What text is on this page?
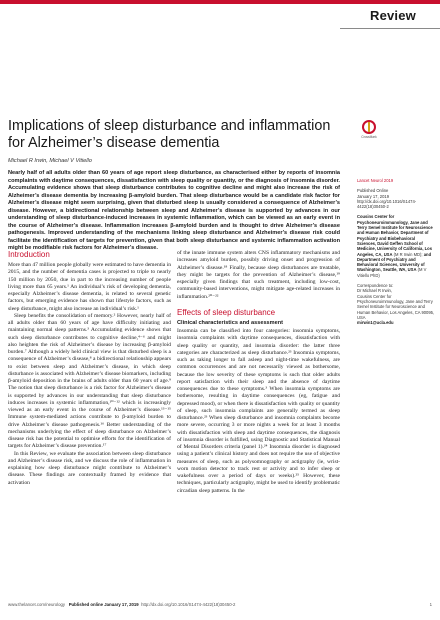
Review
Implications of sleep disturbance and inflammation for Alzheimer’s disease dementia
Michael R Irwin, Michael V Vitiello
CrossMark

Nearly half of all adults older than 60 years of age report sleep disturbance, as characterised either by reports of insomnia complaints with daytime consequences, dissatisfaction with sleep quality or quantity, or the diagnosis of insomnia disorder. Accumulating evidence shows that sleep disturbance contributes to cognitive decline and might also increase the risk of Alzheimer’s disease dementia by increasing β-amyloid burden. That sleep disturbance would be a candidate risk factor for Alzheimer’s disease might seem surprising, given that disturbed sleep is usually considered a consequence of Alzheimer’s disease. However, a bidirectional relationship between sleep and Alzheimer’s disease is supported by advances in our understanding of sleep disturbance-induced increases in systemic inflammation, which can be viewed as an early event in the course of Alzheimer’s disease. Inflammation increases β-amyloid burden and is thought to drive Alzheimer’s disease pathogenesis. Improved understanding of the mechanisms linking sleep disturbance and Alzheimer’s disease risk could facilitate the identification of targets for prevention, given that both sleep disturbance and systemic inflammation activation might be modifiable risk factors for Alzheimer’s disease.

Introduction

More than 47 million people globally were estimated to have dementia in 2015, and the number of dementia cases is projected to triple to nearly 150 million by 2050, due in part to the increasing number of people living more than 65 years.¹ An individual’s risk of developing dementia, especially Alzheimer’s disease dementia, is related to several genetic factors, but emerging evidence has shown that lifestyle factors, such as sleep disturbance, might also increase an individual’s risk.¹

Sleep benefits the consolidation of memory.² However, nearly half of all adults older than 60 years of age have difficulty initiating and maintaining normal sleep patterns.³ Accumulating evidence shows that such sleep disturbance contributes to cognitive decline,⁴⁻⁶ and might also heighten the risk of Alzheimer’s disease by increasing β-amyloid burden.⁷ Although a widely held clinical view is that disturbed sleep is a consequence of Alzheimer’s disease,⁸ a bidirectional relationship appears to exist between sleep and Alzheimer’s disease, in which sleep disturbance is associated with Alzheimer’s disease biomarkers, including β-amyloid deposition in the brains of adults older than 60 years of age.⁹ The notion that sleep disturbance is a risk factor for Alzheimer’s disease is supported by advances in our understanding that sleep disturbance induces increases in systemic inflammation,¹⁰⁻¹² which is increasingly viewed as an early event in the course of Alzheimer’s disease.¹³⁻¹⁵ Immune system-mediated actions contribute to β-amyloid burden to drive Alzheimer’s disease pathogenesis.¹⁶ Better understanding of the mechanisms underlying the effect of sleep disturbance on Alzheimer’s disease risk has the potential to optimise efforts for the identification of targets for Alzheimer’s disease prevention.¹⁷

In this Review, we evaluate the association between sleep disturbance and Alzheimer’s disease risk, and we discuss the role of inflammation in explaining how sleep disturbance might contribute to Alzheimer’s disease. These findings are contextually framed by evidence that activation

of the innate immune system alters CNS inflammatory mechanisms and increases amyloid burden, possibly driving onset and progression of Alzheimer’s disease.¹⁸ Finally, because sleep disturbances are treatable, they might be targets for the prevention of Alzheimer’s disease,¹⁹ especially given findings that such treatment, including low-cost, community-based interventions, might mitigate age-related increases in inflammation.²⁰⁻²²

Effects of sleep disturbance
Clinical characteristics and assessment

Insomnia can be classified into four categories: insomnia symptoms, insomnia complaints with daytime consequences, dissatisfaction with sleep quality or quantity, and insomnia disorder: the latter three categories are characterized as sleep disturbance.²³ Insomnia symptoms, such as taking longer to fall asleep and night-time wakefulness, are common occurrences and are not necessarily viewed as bothersome, because the low severity of these symptoms is such that older adults report satisfaction with their sleep and the absence of daytime consequences due to these symptoms.³ When insomnia symptoms are bothersome, resulting in daytime consequences (eg, fatigue and depressed mood), or when there is dissatisfaction with quality or quantity of sleep, such insomnia complaints are generally termed as sleep disturbance.²³ When sleep disturbance and insomnia complaints become more severe, occurring 3 or more nights a week for at least 3 months with dissatisfaction with sleep and daytime consequences, the diagnosis of insomnia disorder is fulfilled, using Diagnostic and Statistical Manual of Mental Disorders criteria (panel 1).²⁴ Insomnia disorder is diagnosed using a patient’s clinical history and does not require the use of objective measures of sleep, such as polysomnography or actigraphy (ie, wrist-worn motion detector to track rest or activity and to infer sleep or wakefulness over a period of days or weeks).²⁵ However, these techniques, particularly actigraphy, might be used to identify problematic circadian sleep patterns. In the

Lancet Neurol 2019
Published Online
January 17, 2019
http://dx.doi.org/10.1016/S1474-4422(18)30450-2
Cousins Center for Psychoneuroimmunology, Jane and Terry Semel Institute for Neuroscience and Human Behavior, Department of Psychiatry and Biobehavioral Sciences, David Geffen School of Medicine, University of California, Los Angeles, CA, USA (M R Irwin MD); and Department of Psychiatry and Behavioral Sciences, University of Washington, Seattle, WA, USA (M V Vitiello PhD)
Correspondence to:
Dr Michael R Irwin,
Cousins Center for Psychoneuroimmunology, Jane and Terry Semel Institute for Neuroscience and Human Behavior, Los Angeles, CA 90095, USA
mirwin1@ucla.edu
www.thelancet.com/neurology Published online January 17, 2019 http://dx.doi.org/10.1016/S1474-4422(18)30450-2	1
